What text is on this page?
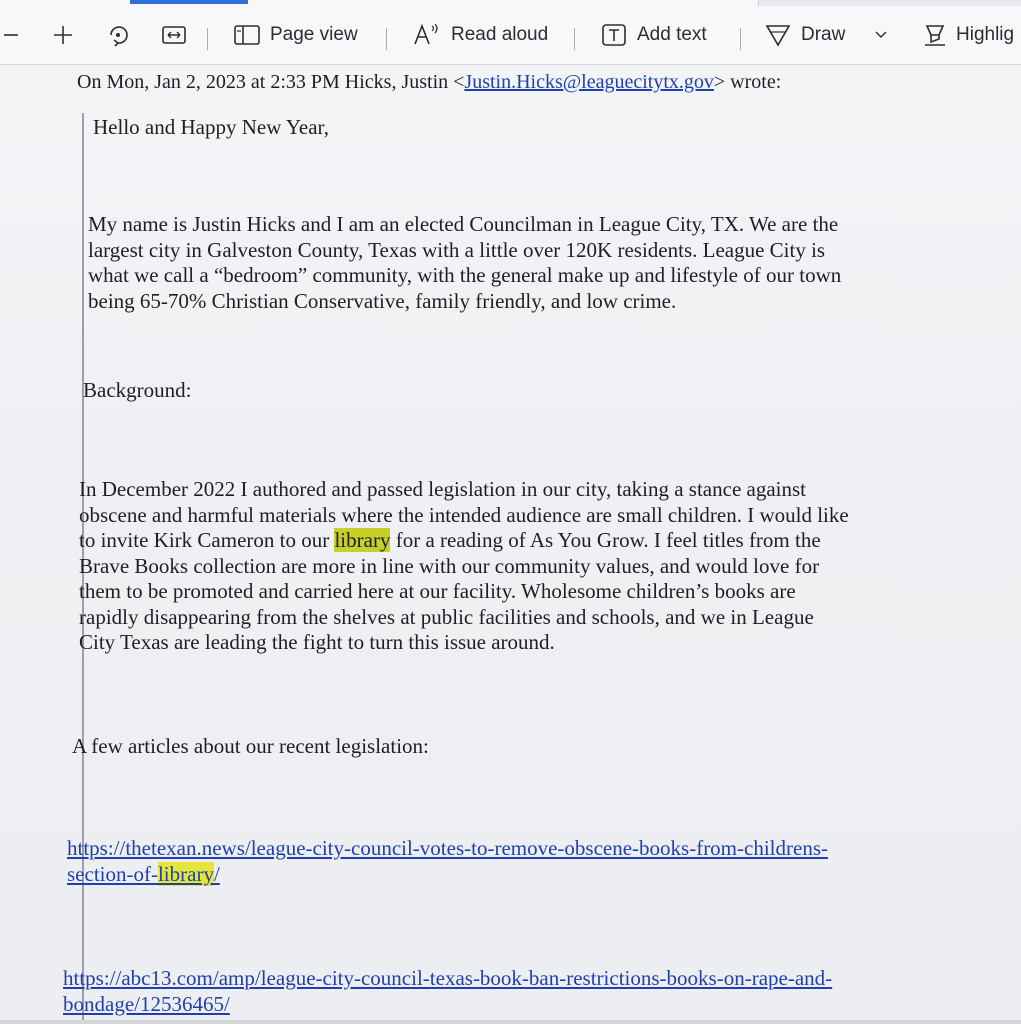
Page view	Read aloud	Add text	Draw	Highlig
On Mon, Jan 2, 2023 at 2:33 PM Hicks, Justin <Justin.Hicks@leaguecitytx.gov> wrote:
Hello and Happy New Year,
My name is Justin Hicks and I am an elected Councilman in League City, TX. We are the
largest city in Galveston County, Texas with a little over 120K residents. League City is
what we call a “bedroom” community, with the general make up and lifestyle of our town
being 65-70% Christian Conservative, family friendly, and low crime.
Background:
In December 2022 I authored and passed legislation in our city, taking a stance against
obscene and harmful materials where the intended audience are small children. I would like
to invite Kirk Cameron to our library for a reading of As You Grow. I feel titles from the
Brave Books collection are more in line with our community values, and would love for
them to be promoted and carried here at our facility. Wholesome children’s books are
rapidly disappearing from the shelves at public facilities and schools, and we in League
City Texas are leading the fight to turn this issue around.
A few articles about our recent legislation:
https://thetexan.news/league-city-council-votes-to-remove-obscene-books-from-childrens-
section-of-library/
https://abc13.com/amp/league-city-council-texas-book-ban-restrictions-books-on-rape-and-
bondage/12536465/
